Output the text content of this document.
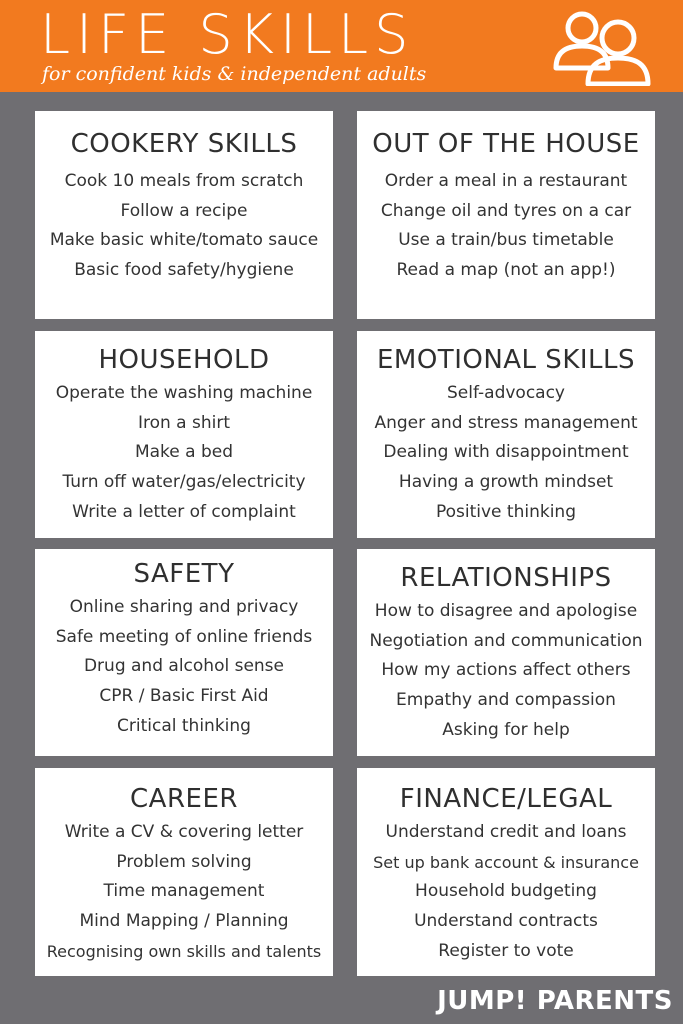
LIFE SKILLS
for confident kids & independent adults
COOKERY SKILLS
Cook 10 meals from scratch
Follow a recipe
Make basic white/tomato sauce
Basic food safety/hygiene
OUT OF THE HOUSE
Order a meal in a restaurant
Change oil and tyres on a car
Use a train/bus timetable
Read a map (not an app!)
HOUSEHOLD
Operate the washing machine
Iron a shirt
Make a bed
Turn off water/gas/electricity
Write a letter of complaint
EMOTIONAL SKILLS
Self-advocacy
Anger and stress management
Dealing with disappointment
Having a growth mindset
Positive thinking
SAFETY
Online sharing and privacy
Safe meeting of online friends
Drug and alcohol sense
CPR / Basic First Aid
Critical thinking
RELATIONSHIPS
How to disagree and apologise
Negotiation and communication
How my actions affect others
Empathy and compassion
Asking for help
CAREER
Write a CV & covering letter
Problem solving
Time management
Mind Mapping / Planning
Recognising own skills and talents
FINANCE/LEGAL
Understand credit and loans
Set up bank account & insurance
Household budgeting
Understand contracts
Register to vote
JUMP! PARENTS
